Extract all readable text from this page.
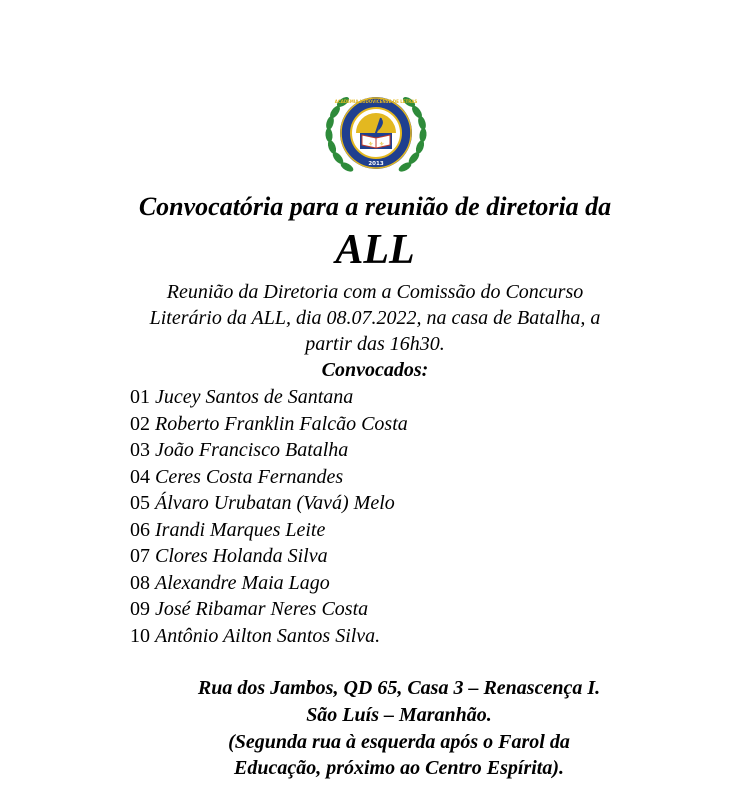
⚜ ⚜
2013
ACADEMIA LUDOVICENSE DE LETRAS
Convocatória para a reunião de diretoria da
ALL
Reunião da Diretoria com a Comissão do Concurso
Literário da ALL, dia 08.07.2022, na casa de Batalha, a
partir das 16h30.
Convocados:
01 Jucey Santos de Santana
02 Roberto Franklin Falcão Costa
03 João Francisco Batalha
04 Ceres Costa Fernandes
05 Álvaro Urubatan (Vavá) Melo
06 Irandi Marques Leite
07 Clores Holanda Silva
08 Alexandre Maia Lago
09 José Ribamar Neres Costa
10 Antônio Ailton Santos Silva.
Rua dos Jambos, QD 65, Casa 3 – Renascença I.
São Luís – Maranhão.
(Segunda rua à esquerda após o Farol da
Educação, próximo ao Centro Espírita).
